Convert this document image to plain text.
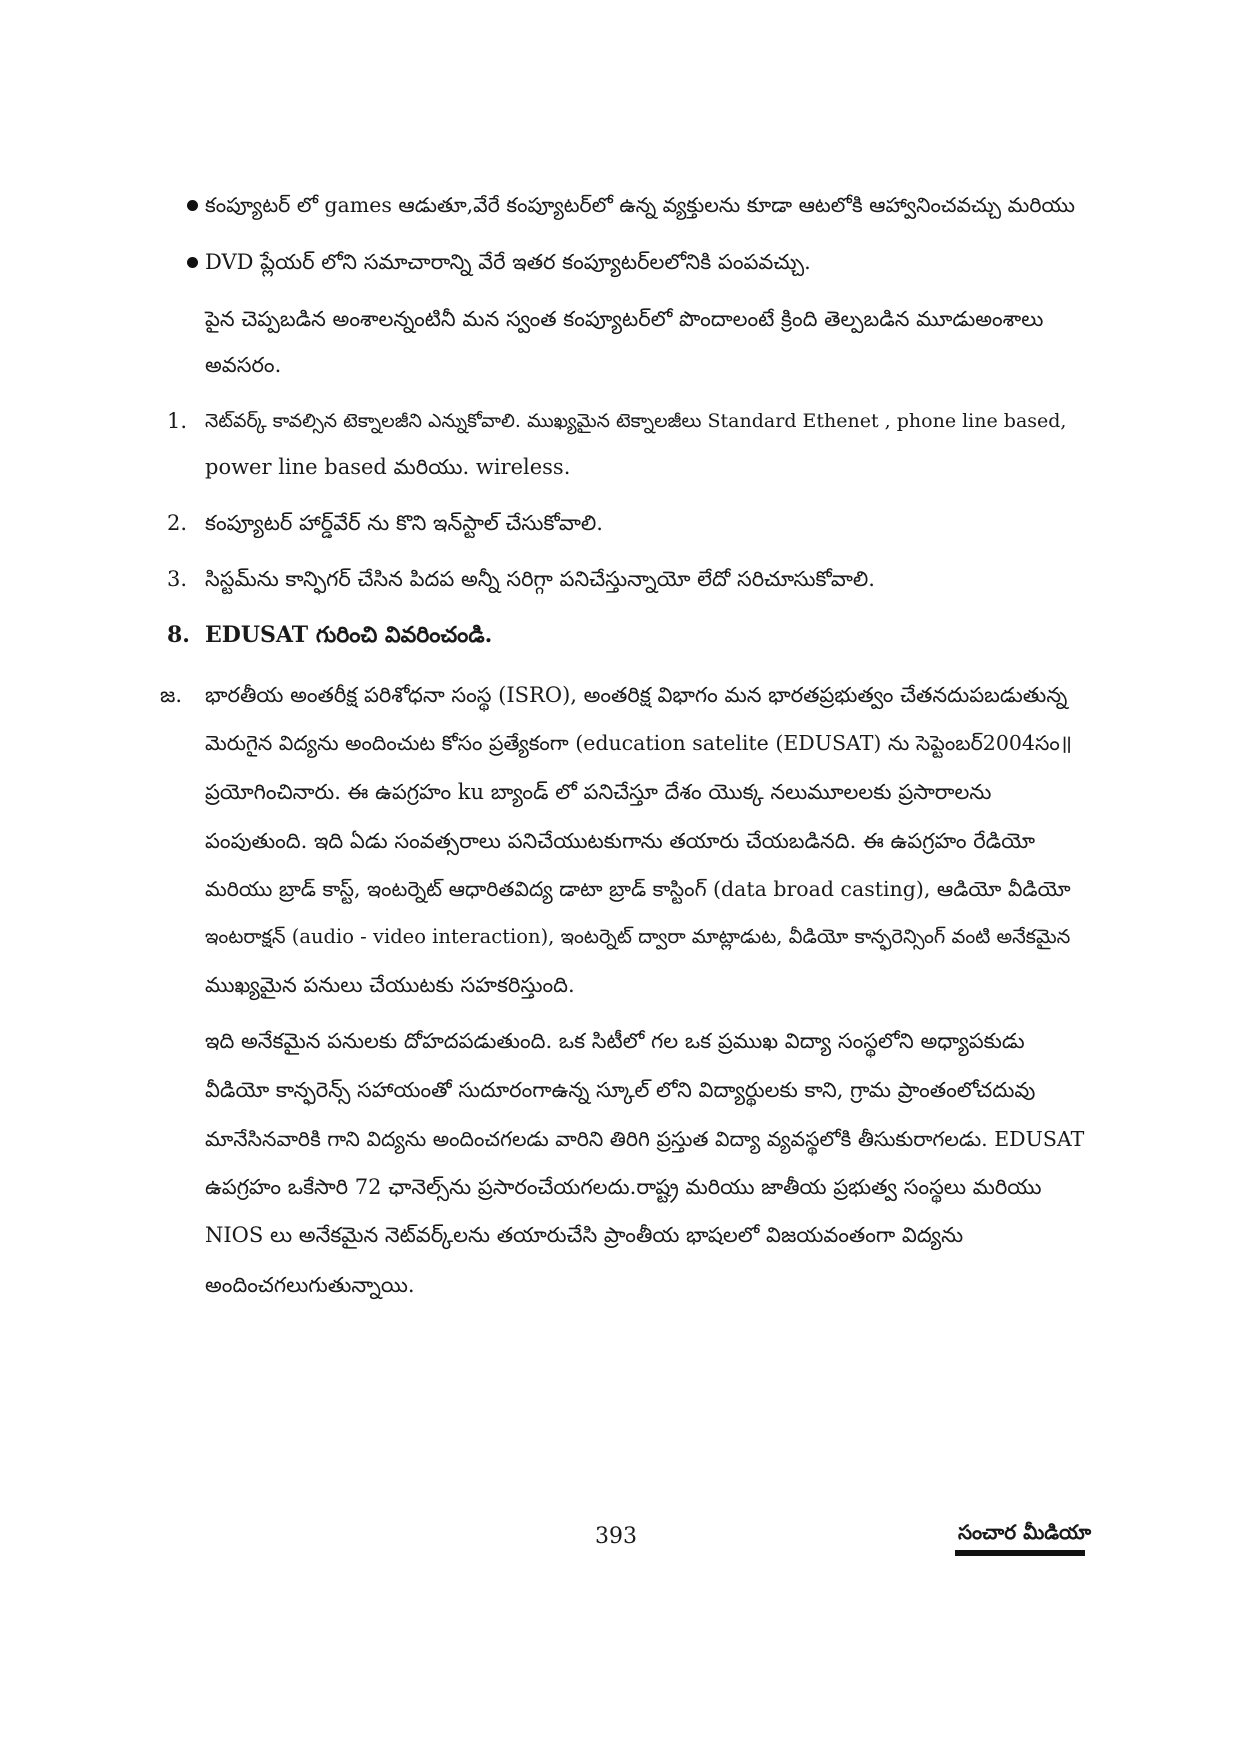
కంప్యూటర్ లో games ఆడుతూ,వేరే కంప్యూటర్‌లో ఉన్న వ్యక్తులను కూడా ఆటలోకి ఆహ్వానించవచ్చు మరియు
DVD ప్లేయర్ లోని సమాచారాన్ని వేరే ఇతర కంప్యూటర్‌లలోనికి పంపవచ్చు.
పైన చెప్పబడిన అంశాలన్నంటినీ మన స్వంత కంప్యూటర్‌లో పొందాలంటే క్రింది తెల్పబడిన మూడుఅంశాలు
అవసరం.
1. నెట్‌వర్క్ కావల్సిన టెక్నాలజీని ఎన్నుకోవాలి. ముఖ్యమైన టెక్నాలజీలు Standard Ethenet , phone line based,
power line based మరియు. wireless.
2. కంప్యూటర్ హార్డ్‌వేర్ ను కొని ఇన్‌స్టాల్ చేసుకోవాలి.
3. సిస్టమ్‌ను కాన్ఫిగర్ చేసిన పిదప అన్నీ సరిగ్గా పనిచేస్తున్నాయో లేదో సరిచూసుకోవాలి.
8. EDUSAT గురించి వివరించండి.
జ. భారతీయ అంతరీక్ష పరిశోధనా సంస్థ (ISRO), అంతరిక్ష విభాగం మన భారతప్రభుత్వం చేతనదుపబడుతున్న
మెరుగైన విద్యను అందించుట కోసం ప్రత్యేకంగా (education satelite (EDUSAT) ను సెప్టెంబర్2004సం॥
ప్రయోగించినారు. ఈ ఉపగ్రహం ku బ్యాండ్ లో పనిచేస్తూ దేశం యొక్క నలుమూలలకు ప్రసారాలను
పంపుతుంది. ఇది ఏడు సంవత్సరాలు పనిచేయుటకుగాను తయారు చేయబడినది. ఈ ఉపగ్రహం రేడియో
మరియు బ్రాడ్ కాస్ట్, ఇంటర్నెట్ ఆధారితవిద్య డాటా బ్రాడ్ కాస్టింగ్ (data broad casting), ఆడియో వీడియో
ఇంటరాక్షన్ (audio - video interaction), ఇంటర్నెట్ ద్వారా మాట్లాడుట, వీడియో కాన్ఫరెన్సింగ్ వంటి అనేకమైన
ముఖ్యమైన పనులు చేయుటకు సహకరిస్తుంది.
ఇది అనేకమైన పనులకు దోహదపడుతుంది. ఒక సిటీలో గల ఒక ప్రముఖ విద్యా సంస్థలోని అధ్యాపకుడు
వీడియో కాన్ఫరెన్స్ సహాయంతో సుదూరంగాఉన్న స్కూల్ లోని విద్యార్థులకు కాని, గ్రామ ప్రాంతంలోచదువు
మానేసినవారికి గాని విద్యను అందించగలడు వారిని తిరిగి ప్రస్తుత విద్యా వ్యవస్థలోకి తీసుకురాగలడు. EDUSAT
ఉపగ్రహం ఒకేసారి 72 ఛానెల్స్‌ను ప్రసారంచేయగలదు.రాష్ట్ర మరియు జాతీయ ప్రభుత్వ సంస్థలు మరియు
NIOS లు అనేకమైన నెట్‌వర్క్‌లను తయారుచేసి ప్రాంతీయ భాషలలో విజయవంతంగా విద్యను
అందించగలుగుతున్నాయి.
393	సంచార మీడియా
